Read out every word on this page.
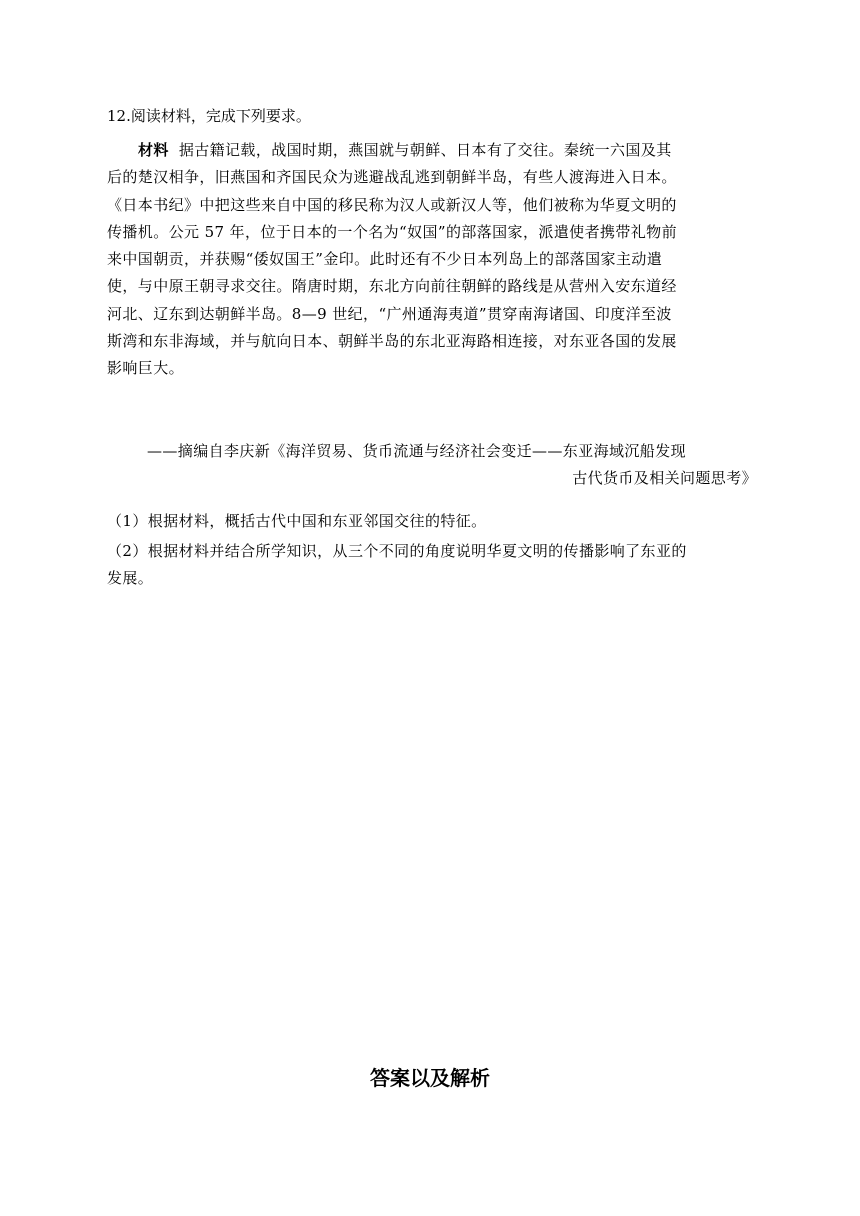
12.阅读材料，完成下列要求。
材料 据古籍记载，战国时期，燕国就与朝鲜、日本有了交往。秦统一六国及其
后的楚汉相争，旧燕国和齐国民众为逃避战乱逃到朝鲜半岛，有些人渡海进入日本。
《日本书纪》中把这些来自中国的移民称为汉人或新汉人等，他们被称为华夏文明的
传播机。公元 57 年，位于日本的一个名为“奴国”的部落国家，派遣使者携带礼物前
来中国朝贡，并获赐“倭奴国王”金印。此时还有不少日本列岛上的部落国家主动遣
使，与中原王朝寻求交往。隋唐时期，东北方向前往朝鲜的路线是从营州入安东道经
河北、辽东到达朝鲜半岛。8—9 世纪，“广州通海夷道”贯穿南海诸国、印度洋至波
斯湾和东非海域，并与航向日本、朝鲜半岛的东北亚海路相连接，对东亚各国的发展
影响巨大。
——摘编自李庆新《海洋贸易、货币流通与经济社会变迁——东亚海域沉船发现
古代货币及相关问题思考》
（1）根据材料，概括古代中国和东亚邻国交往的特征。
（2）根据材料并结合所学知识，从三个不同的角度说明华夏文明的传播影响了东亚的
发展。
答案以及解析
